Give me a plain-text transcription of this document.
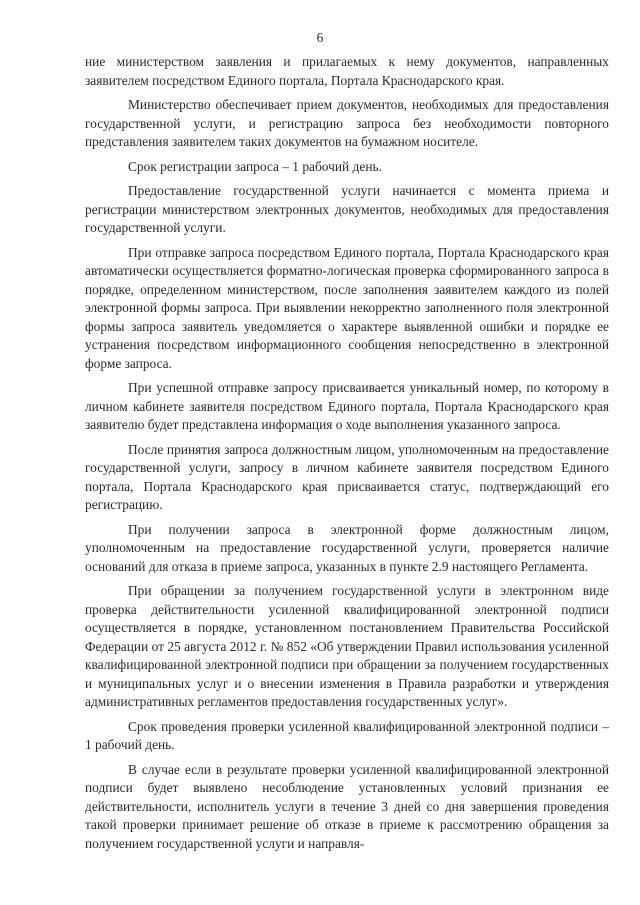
6

ние министерством заявления и прилагаемых к нему документов, направленных заявителем посредством Единого портала, Портала Краснодарского края.

Министерство обеспечивает прием документов, необходимых для предоставления государственной услуги, и регистрацию запроса без необходимости повторного представления заявителем таких документов на бумажном носителе.

Срок регистрации запроса – 1 рабочий день.

Предоставление государственной услуги начинается с момента приема и регистрации министерством электронных документов, необходимых для предоставления государственной услуги.

При отправке запроса посредством Единого портала, Портала Краснодарского края автоматически осуществляется форматно-логическая проверка сформированного запроса в порядке, определенном министерством, после заполнения заявителем каждого из полей электронной формы запроса. При выявлении некорректно заполненного поля электронной формы запроса заявитель уведомляется о характере выявленной ошибки и порядке ее устранения посредством информационного сообщения непосредственно в электронной форме запроса.

При успешной отправке запросу присваивается уникальный номер, по которому в личном кабинете заявителя посредством Единого портала, Портала Краснодарского края заявителю будет представлена информация о ходе выполнения указанного запроса.

После принятия запроса должностным лицом, уполномоченным на предоставление государственной услуги, запросу в личном кабинете заявителя посредством Единого портала, Портала Краснодарского края присваивается статус, подтверждающий его регистрацию.

При получении запроса в электронной форме должностным лицом, уполномоченным на предоставление государственной услуги, проверяется наличие оснований для отказа в приеме запроса, указанных в пункте 2.9 настоящего Регламента.

При обращении за получением государственной услуги в электронном виде проверка действительности усиленной квалифицированной электронной подписи осуществляется в порядке, установленном постановлением Правительства Российской Федерации от 25 августа 2012 г. № 852 «Об утверждении Правил использования усиленной квалифицированной электронной подписи при обращении за получением государственных и муниципальных услуг и о внесении изменения в Правила разработки и утверждения административных регламентов предоставления государственных услуг».

Срок проведения проверки усиленной квалифицированной электронной подписи – 1 рабочий день.

В случае если в результате проверки усиленной квалифицированной электронной подписи будет выявлено несоблюдение установленных условий признания ее действительности, исполнитель услуги в течение 3 дней со дня завершения проведения такой проверки принимает решение об отказе в приеме к рассмотрению обращения за получением государственной услуги и направля-
